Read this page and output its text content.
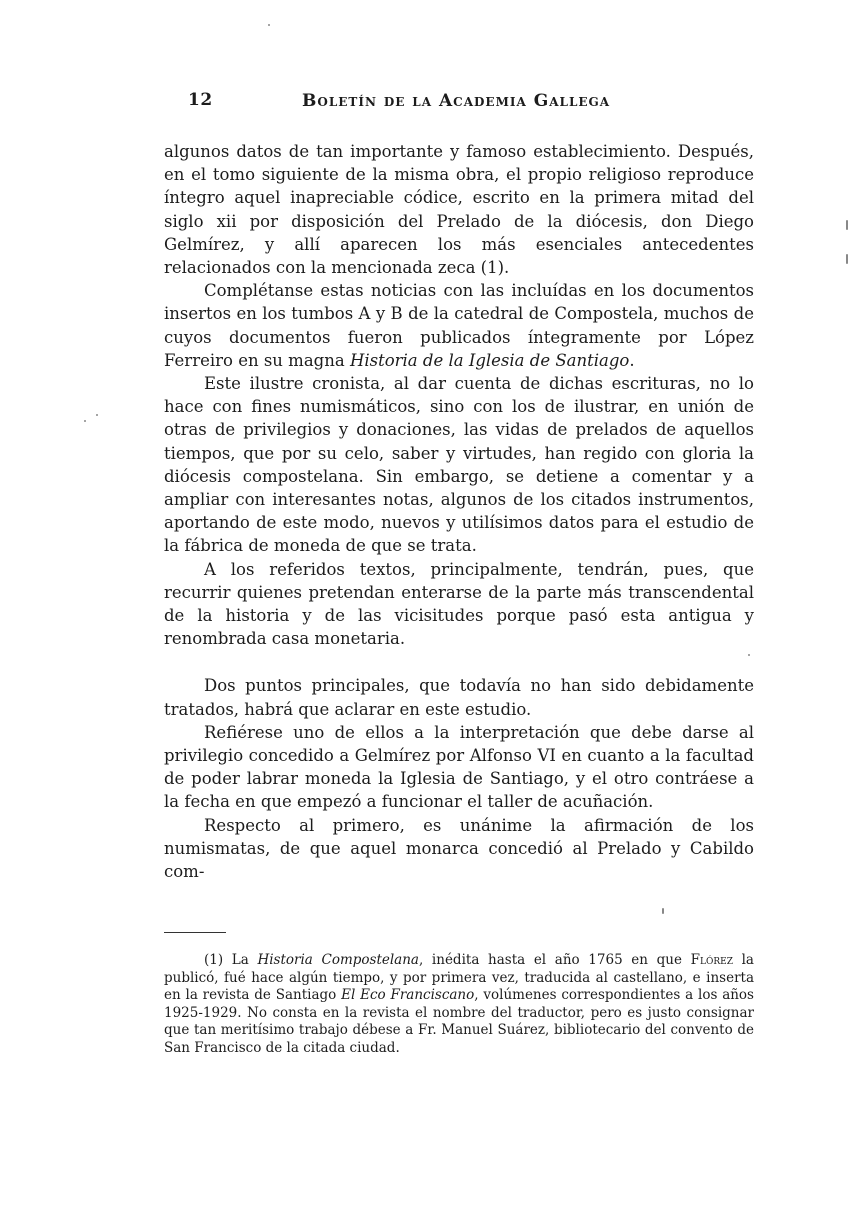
12	Boletín de la Academia Gallega

algunos datos de tan importante y famoso establecimiento. Después, en el tomo siguiente de la misma obra, el propio religioso reproduce íntegro aquel inapreciable códice, escrito en la primera mitad del siglo xii por disposición del Prelado de la diócesis, don Diego Gelmírez, y allí aparecen los más esenciales antecedentes relacionados con la mencionada zeca (1).

Complétanse estas noticias con las incluídas en los documentos insertos en los tumbos A y B de la catedral de Compostela, muchos de cuyos documentos fueron publicados íntegramente por López Ferreiro en su magna Historia de la Iglesia de Santiago.

Este ilustre cronista, al dar cuenta de dichas escrituras, no lo hace con fines numismáticos, sino con los de ilustrar, en unión de otras de privilegios y donaciones, las vidas de prelados de aquellos tiempos, que por su celo, saber y virtudes, han regido con gloria la diócesis compostelana. Sin embargo, se detiene a comentar y a ampliar con interesantes notas, algunos de los citados instrumentos, aportando de este modo, nuevos y utilísimos datos para el estudio de la fábrica de moneda de que se trata.

A los referidos textos, principalmente, tendrán, pues, que recurrir quienes pretendan enterarse de la parte más transcendental de la historia y de las vicisitudes porque pasó esta antigua y renombrada casa monetaria.

Dos puntos principales, que todavía no han sido debidamente tratados, habrá que aclarar en este estudio.

Refiérese uno de ellos a la interpretación que debe darse al privilegio concedido a Gelmírez por Alfonso VI en cuanto a la facultad de poder labrar moneda la Iglesia de Santiago, y el otro contráese a la fecha en que empezó a funcionar el taller de acuñación.

Respecto al primero, es unánime la afirmación de los numismatas, de que aquel monarca concedió al Prelado y Cabildo com-

(1) La Historia Compostelana, inédita hasta el año 1765 en que Flórez la publicó, fué hace algún tiempo, y por primera vez, traducida al castellano, e inserta en la revista de Santiago El Eco Franciscano, volúmenes correspondientes a los años 1925-1929. No consta en la revista el nombre del traductor, pero es justo consignar que tan meritísimo trabajo débese a Fr. Manuel Suárez, bibliotecario del convento de San Francisco de la citada ciudad.
